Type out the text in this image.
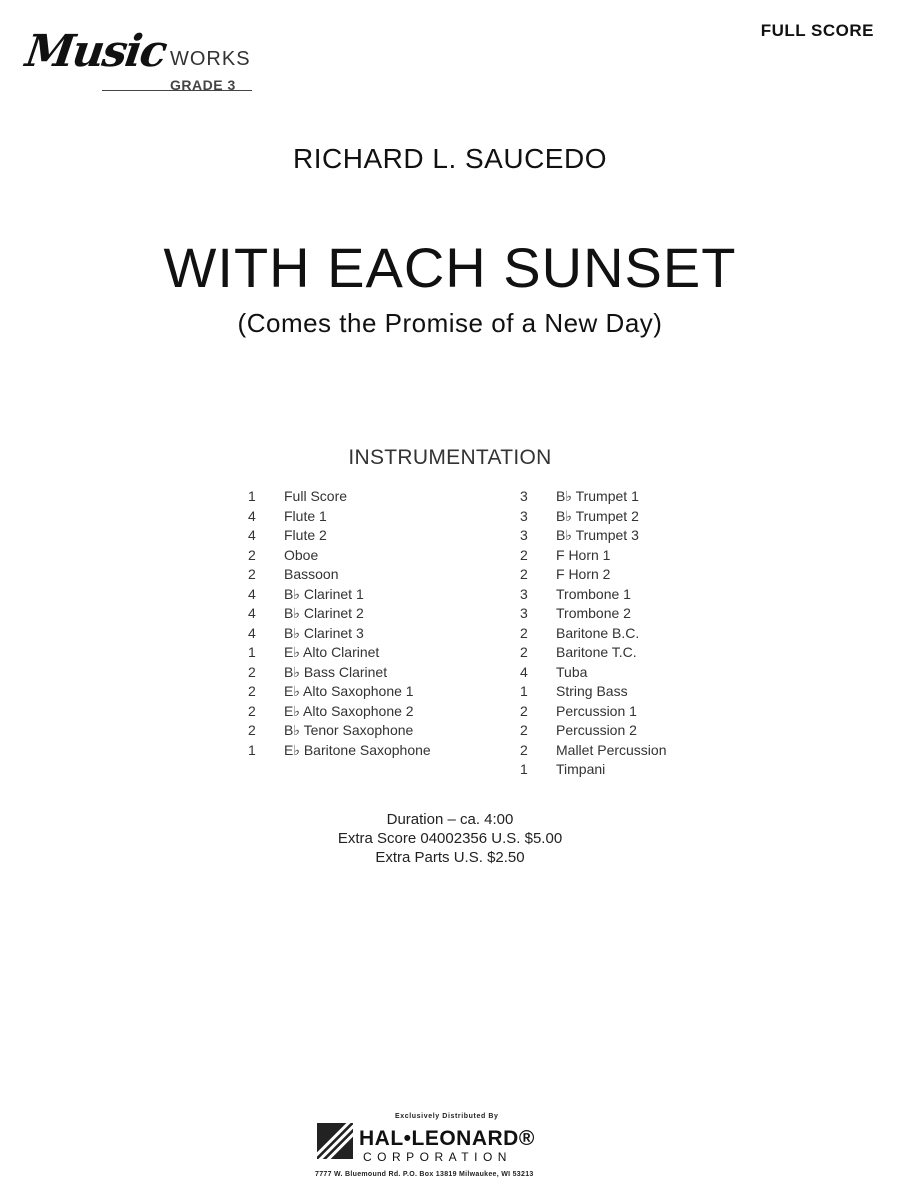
Music WORKS
GRADE 3
FULL SCORE
RICHARD L. SAUCEDO
WITH EACH SUNSET
(Comes the Promise of a New Day)
INSTRUMENTATION
1	Full Score
4	Flute 1
4	Flute 2
2	Oboe
2	Bassoon
4	B♭ Clarinet 1
4	B♭ Clarinet 2
4	B♭ Clarinet 3
1	E♭ Alto Clarinet
2	B♭ Bass Clarinet
2	E♭ Alto Saxophone 1
2	E♭ Alto Saxophone 2
2	B♭ Tenor Saxophone
1	E♭ Baritone Saxophone
3	B♭ Trumpet 1
3	B♭ Trumpet 2
3	B♭ Trumpet 3
2	F Horn 1
2	F Horn 2
3	Trombone 1
3	Trombone 2
2	Baritone B.C.
2	Baritone T.C.
4	Tuba
1	String Bass
2	Percussion 1
2	Percussion 2
2	Mallet Percussion
1	Timpani
Duration – ca. 4:00
Extra Score 04002356 U.S. $5.00
Extra Parts U.S. $2.50
Exclusively Distributed By
HAL•LEONARD®
CORPORATION
7777 W. Bluemound Rd. P.O. Box 13819 Milwaukee, WI 53213
